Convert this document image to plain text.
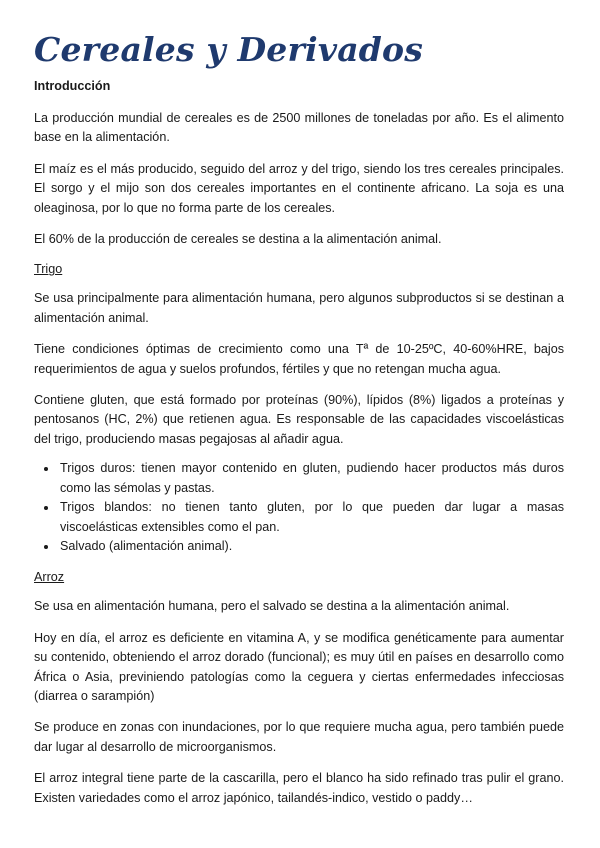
Cereales y Derivados
Introducción

La producción mundial de cereales es de 2500 millones de toneladas por año. Es el alimento base en la alimentación.

El maíz es el más producido, seguido del arroz y del trigo, siendo los tres cereales principales. El sorgo y el mijo son dos cereales importantes en el continente africano. La soja es una oleaginosa, por lo que no forma parte de los cereales.

El 60% de la producción de cereales se destina a la alimentación animal.

Trigo

Se usa principalmente para alimentación humana, pero algunos subproductos si se destinan a alimentación animal.

Tiene condiciones óptimas de crecimiento como una Tª de 10-25ºC, 40-60%HRE, bajos requerimientos de agua y suelos profundos, fértiles y que no retengan mucha agua.

Contiene gluten, que está formado por proteínas (90%), lípidos (8%) ligados a proteínas y pentosanos (HC, 2%) que retienen agua. Es responsable de las capacidades viscoelásticas del trigo, produciendo masas pegajosas al añadir agua.

• Trigos duros: tienen mayor contenido en gluten, pudiendo hacer productos más duros como las sémolas y pastas.
• Trigos blandos: no tienen tanto gluten, por lo que pueden dar lugar a masas viscoelásticas extensibles como el pan.
• Salvado (alimentación animal).
Arroz

Se usa en alimentación humana, pero el salvado se destina a la alimentación animal.

Hoy en día, el arroz es deficiente en vitamina A, y se modifica genéticamente para aumentar su contenido, obteniendo el arroz dorado (funcional); es muy útil en países en desarrollo como África o Asia, previniendo patologías como la ceguera y ciertas enfermedades infecciosas (diarrea o sarampión)

Se produce en zonas con inundaciones, por lo que requiere mucha agua, pero también puede dar lugar al desarrollo de microorganismos.

El arroz integral tiene parte de la cascarilla, pero el blanco ha sido refinado tras pulir el grano. Existen variedades como el arroz japónico, tailandés-indico, vestido o paddy…
